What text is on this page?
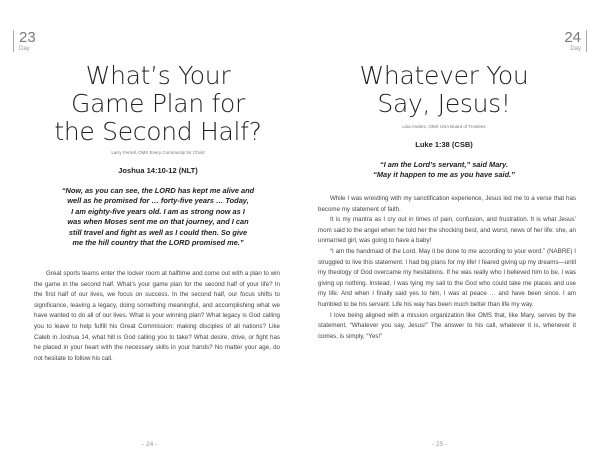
23
Day
What’s Your
Game Plan for
the Second Half?
Larry Ferrell, OMS Every Community for Christ
Joshua 14:10-12 (NLT)

“Now, as you can see, the LORD has kept me alive and
well as he promised for … forty-five years … Today,
I am eighty-five years old. I am as strong now as I
was when Moses sent me on that journey, and I can
still travel and fight as well as I could then. So give
me the hill country that the LORD promised me.”

Great sports teams enter the locker room at halftime and come out with a plan to win the game in the second half. What’s your game plan for the second half of your life? In the first half of our lives, we focus on success. In the second half, our focus shifts to significance, leaving a legacy, doing something meaningful, and accomplishing what we have wanted to do all of our lives. What is your winning plan? What legacy is God calling you to leave to help fulfill his Great Commission: making disciples of all nations? Like Caleb in Joshua 14, what hill is God calling you to take? What desire, drive, or fight has he placed in your heart with the necessary skills in your hands? No matter your age, do not hesitate to follow his call.

- 24 -
24
Day
Whatever You
Say, Jesus!
Lisa Anders, OMS USA Board of Trustees
Luke 1:38 (CSB)

“I am the Lord’s servant,” said Mary.
“May it happen to me as you have said.”

While I was wrestling with my sanctification experience, Jesus led me to a verse that has become my statement of faith.

It is my mantra as I cry out in times of pain, confusion, and frustration. It is what Jesus’ mom said to the angel when he told her the shocking best, and worst, news of her life: she, an unmarried girl, was going to have a baby!

“I am the handmaid of the Lord. May it be done to me according to your word.” (NABRE) I struggled to live this statement. I had big plans for my life! I feared giving up my dreams—until my theology of God overcame my hesitations. If he was really who I believed him to be, I was giving up nothing. Instead, I was tying my sail to the God who could take me places and use my life. And when I finally said yes to him, I was at peace … and have been since. I am humbled to be his servant. Life his way has been much better than life my way.

I love being aligned with a mission organization like OMS that, like Mary, serves by the statement, “Whatever you say, Jesus!” The answer to his call, whatever it is, whenever it comes, is simply, “Yes!”

- 25 -
